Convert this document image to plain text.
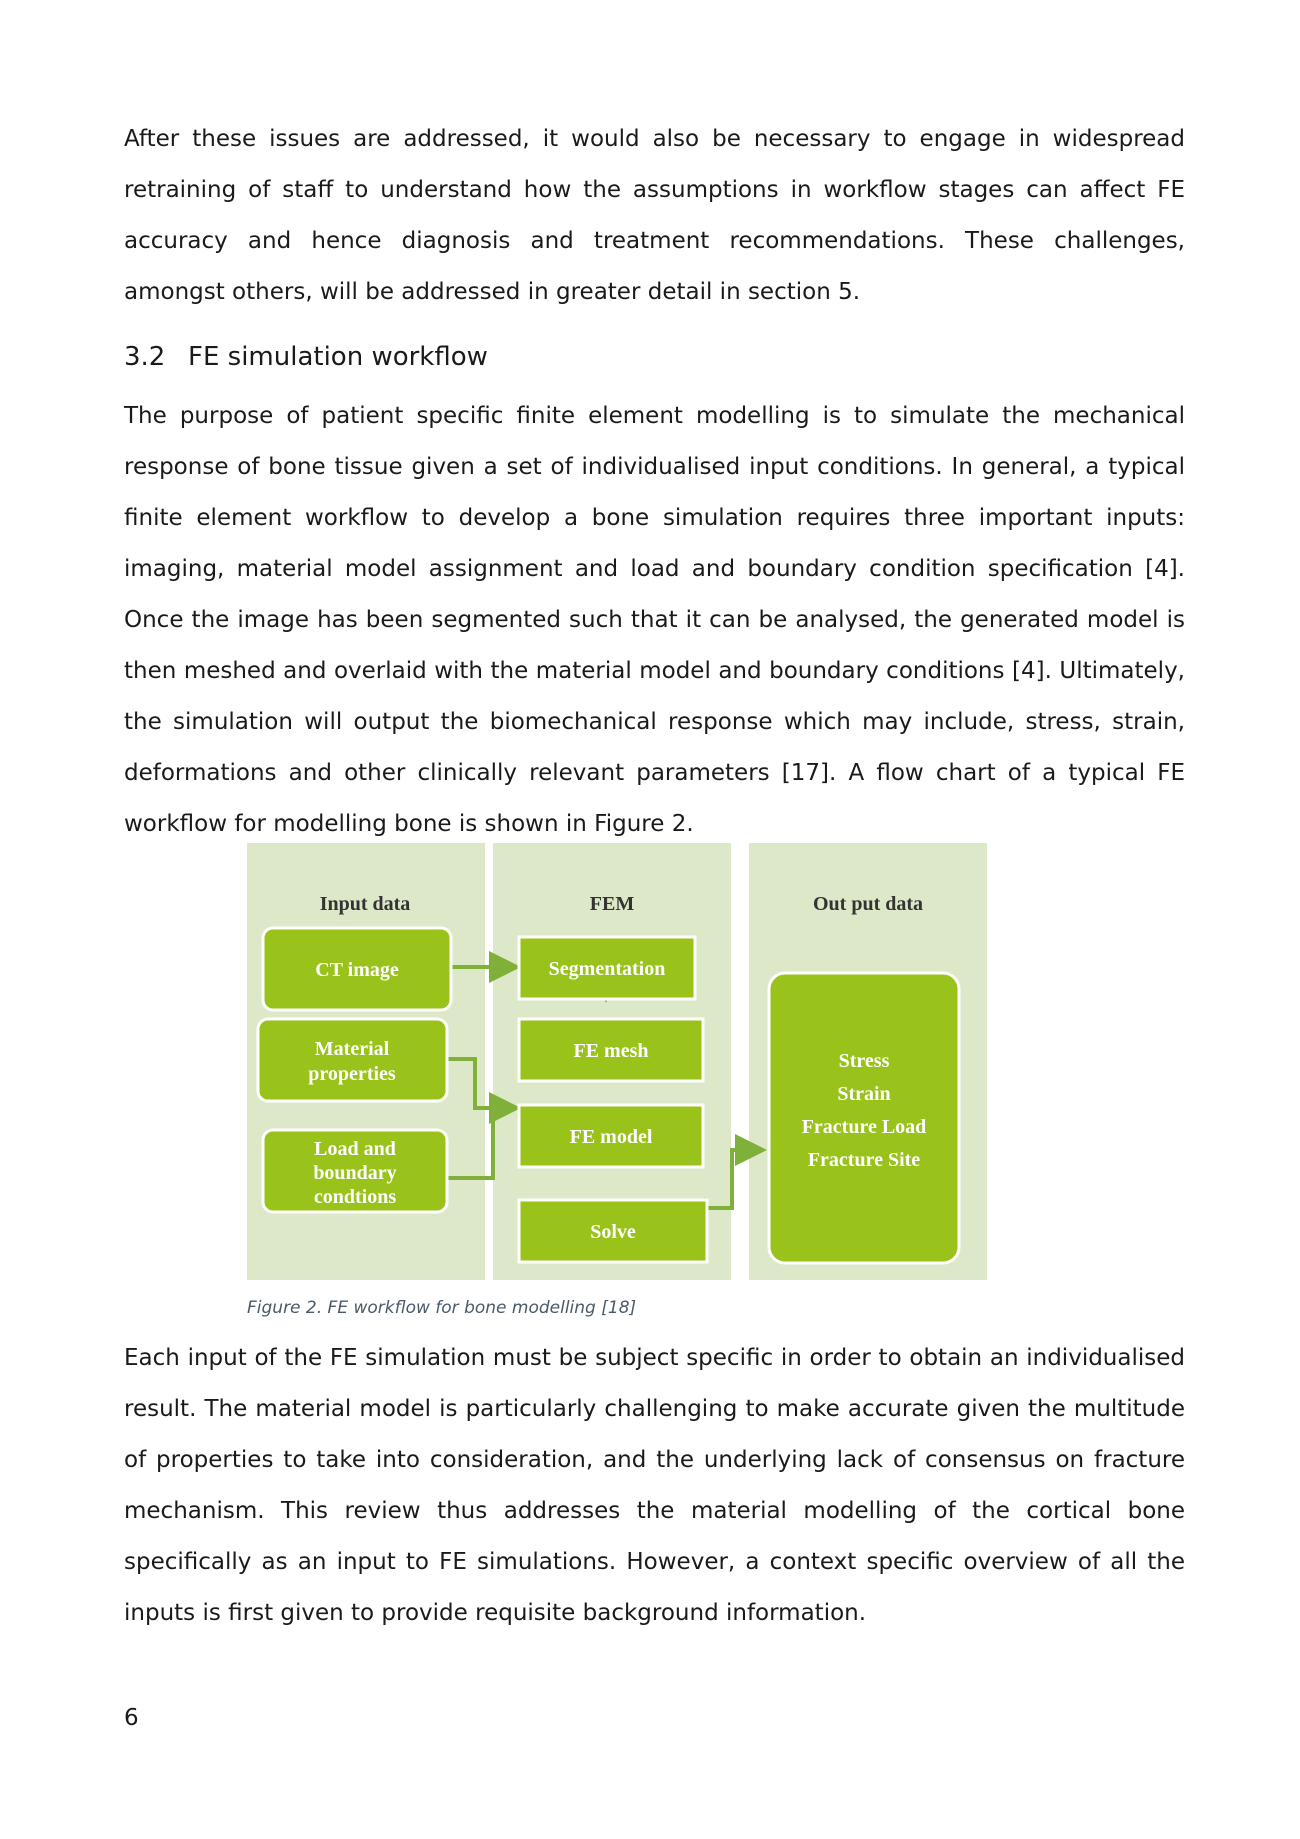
After these issues are addressed, it would also be necessary to engage in widespread retraining of staff to understand how the assumptions in workflow stages can affect FE accuracy and hence diagnosis and treatment recommendations. These challenges, amongst others, will be addressed in greater detail in section 5.

3.2 FE simulation workflow

The purpose of patient specific finite element modelling is to simulate the mechanical response of bone tissue given a set of individualised input conditions. In general, a typical finite element workflow to develop a bone simulation requires three important inputs: imaging, material model assignment and load and boundary condition specification [4]. Once the image has been segmented such that it can be analysed, the generated model is then meshed and overlaid with the material model and boundary conditions [4]. Ultimately, the simulation will output the biomechanical response which may include, stress, strain, deformations and other clinically relevant parameters [17]. A flow chart of a typical FE workflow for modelling bone is shown in Figure 2.

Input data	FEM	Out put data
CT image
Material
properties
Load and
boundary
condtions
Segmentation
FE mesh
FE model
Solve
Stress
Strain
Fracture Load
Fracture Site

Figure 2. FE workflow for bone modelling [18]

Each input of the FE simulation must be subject specific in order to obtain an individualised result. The material model is particularly challenging to make accurate given the multitude of properties to take into consideration, and the underlying lack of consensus on fracture mechanism. This review thus addresses the material modelling of the cortical bone specifically as an input to FE simulations. However, a context specific overview of all the inputs is first given to provide requisite background information.

6
